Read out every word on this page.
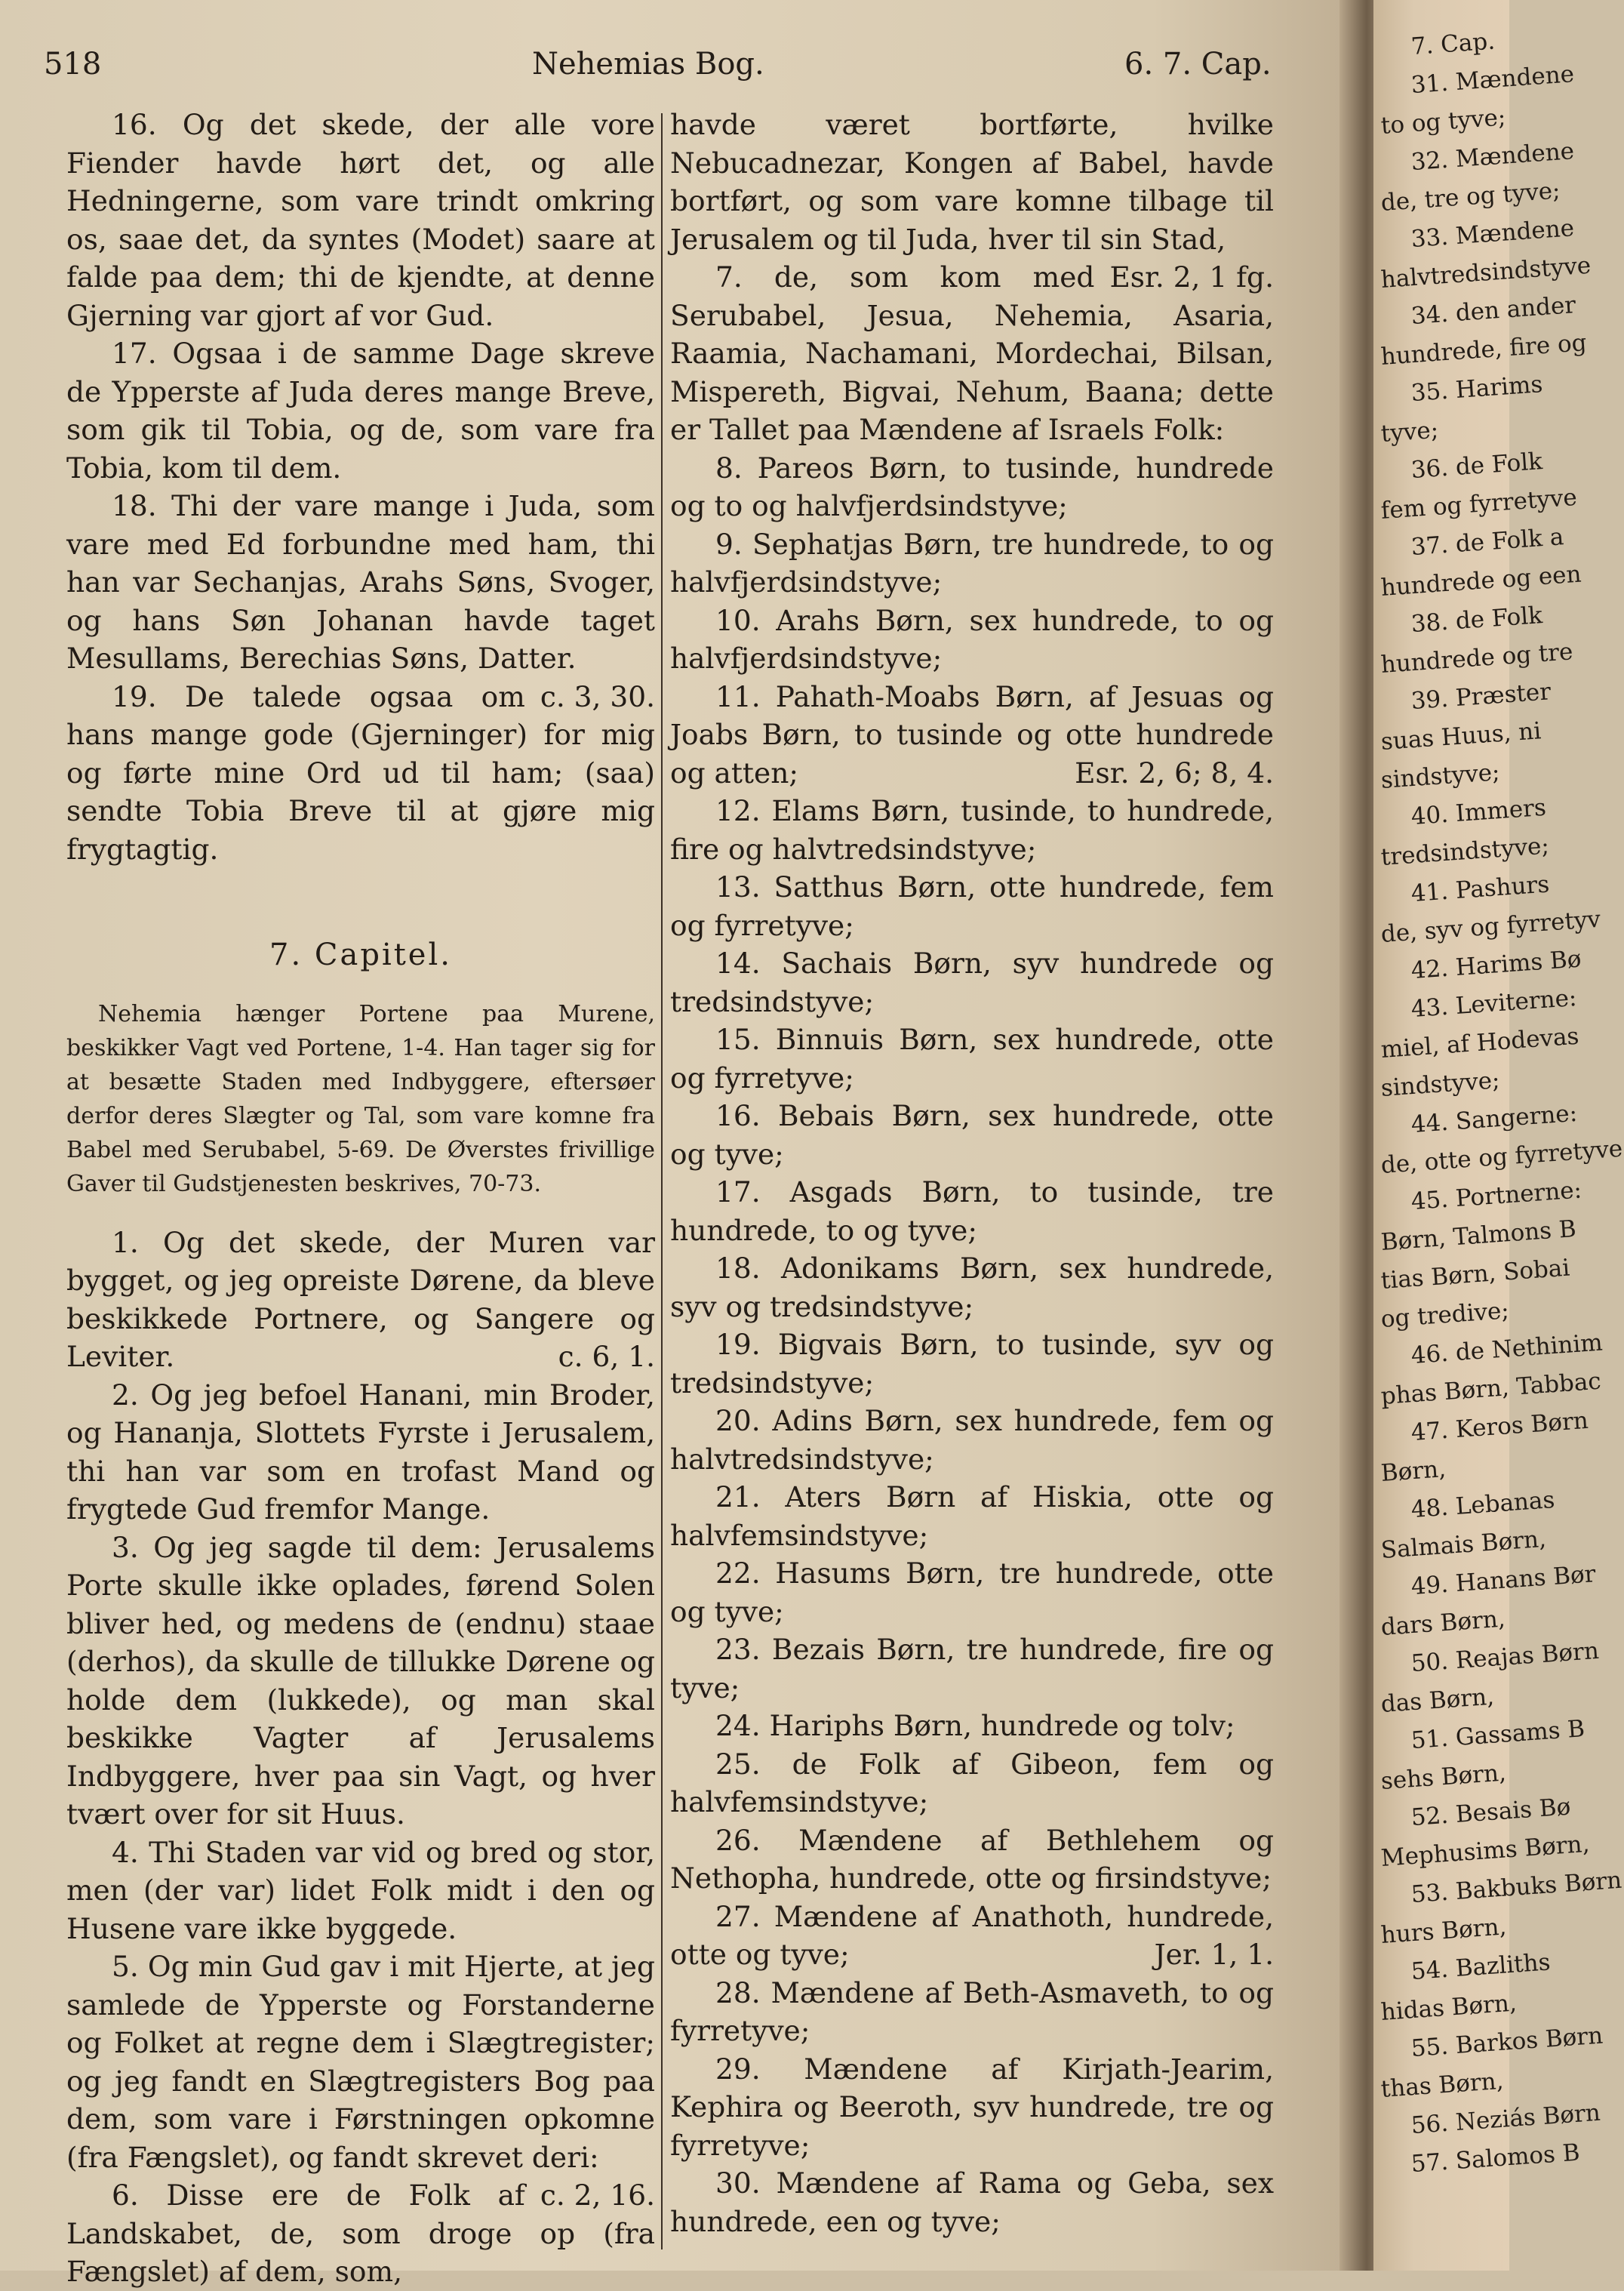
518	Nehemias Bog.	6. 7. Cap.

16. Og det skede, der alle vore Fiender havde hørt det, og alle Hedningerne, som vare trindt omkring os, saae det, da syntes (Modet) saare at falde paa dem; thi de kjendte, at denne Gjerning var gjort af vor Gud.

17. Ogsaa i de samme Dage skreve de Ypperste af Juda deres mange Breve, som gik til Tobia, og de, som vare fra Tobia, kom til dem.

18. Thi der vare mange i Juda, som vare med Ed forbundne med ham, thi han var Sechanjas, Arahs Søns, Svoger, og hans Søn Johanan havde taget Mesullams, Berechias Søns, Datter.
c. 3, 30.

19. De talede ogsaa om hans mange gode (Gjerninger) for mig og førte mine Ord ud til ham; (saa) sendte Tobia Breve til at gjøre mig frygtagtig.

7. Capitel.

Nehemia hænger Portene paa Murene, beskikker Vagt ved Portene, 1-4. Han tager sig for at besætte Staden med Indbyggere, eftersøer derfor deres Slægter og Tal, som vare komne fra Babel med Serubabel, 5-69. De Øverstes frivillige Gaver til Gudstjenesten beskrives, 70-73.

1. Og det skede, der Muren var bygget, og jeg opreiste Dørene, da bleve beskikkede Portnere, og Sangere og Leviter.	c. 6, 1.

2. Og jeg befoel Hanani, min Broder, og Hananja, Slottets Fyrste i Jerusalem, thi han var som en trofast Mand og frygtede Gud fremfor Mange.

3. Og jeg sagde til dem: Jerusalems Porte skulle ikke oplades, førend Solen bliver hed, og medens de (endnu) staae (derhos), da skulle de tillukke Dørene og holde dem (lukkede), og man skal beskikke Vagter af Jerusalems Indbyggere, hver paa sin Vagt, og hver tvært over for sit Huus.

4. Thi Staden var vid og bred og stor, men (der var) lidet Folk midt i den og Husene vare ikke byggede.

5. Og min Gud gav i mit Hjerte, at jeg samlede de Ypperste og Forstanderne og Folket at regne dem i Slægtregister; og jeg fandt en Slægtregisters Bog paa dem, som vare i Førstningen opkomne (fra Fængslet), og fandt skrevet deri:
c. 2, 16.

6. Disse ere de Folk af Landskabet, de, som droge op (fra Fængslet) af dem, som,

havde været bortførte, hvilke Nebucadnezar, Kongen af Babel, havde bortført, og som vare komne tilbage til Jerusalem og til Juda, hver til sin Stad,
Esr. 2, 1 fg.

7. de, som kom med Serubabel, Jesua, Nehemia, Asaria, Raamia, Nachamani, Mordechai, Bilsan, Mispereth, Bigvai, Nehum, Baana; dette er Tallet paa Mændene af Israels Folk:

8. Pareos Børn, to tusinde, hundrede og to og halvfjerdsindstyve;

9. Sephatjas Børn, tre hundrede, to og halvfjerdsindstyve;

10. Arahs Børn, sex hundrede, to og halvfjerdsindstyve;

11. Pahath-Moabs Børn, af Jesuas og Joabs Børn, to tusinde og otte hundrede og atten;	Esr. 2, 6; 8, 4.

12. Elams Børn, tusinde, to hundrede, fire og halvtredsindstyve;

13. Satthus Børn, otte hundrede, fem og fyrretyve;

14. Sachais Børn, syv hundrede og tredsindstyve;

15. Binnuis Børn, sex hundrede, otte og fyrretyve;

16. Bebais Børn, sex hundrede, otte og tyve;

17. Asgads Børn, to tusinde, tre hundrede, to og tyve;

18. Adonikams Børn, sex hundrede, syv og tredsindstyve;

19. Bigvais Børn, to tusinde, syv og tredsindstyve;

20. Adins Børn, sex hundrede, fem og halvtredsindstyve;

21. Aters Børn af Hiskia, otte og halvfemsindstyve;

22. Hasums Børn, tre hundrede, otte og tyve;

23. Bezais Børn, tre hundrede, fire og tyve;

24. Hariphs Børn, hundrede og tolv;

25. de Folk af Gibeon, fem og halvfemsindstyve;

26. Mændene af Bethlehem og Nethopha, hundrede, otte og firsindstyve;

27. Mændene af Anathoth, hundrede, otte og tyve;	Jer. 1, 1.

28. Mændene af Beth-Asmaveth, to og fyrretyve;

29. Mændene af Kirjath-Jearim, Kephira og Beeroth, syv hundrede, tre og fyrretyve;

30. Mændene af Rama og Geba, sex hundrede, een og tyve;

7. Cap.
31. Mændene
to og tyve;
32. Mændene
de, tre og tyve;
33. Mændene
halvtredsindstyve
34. den ander
hundrede, fire og
35. Harims
tyve;
36. de Folk
fem og fyrretyve
37. de Folk a
hundrede og een
38. de Folk
hundrede og tre
39. Præster
suas Huus, ni
sindstyve;
40. Immers
tredsindstyve;
41. Pashurs
de, syv og fyrretyv
42. Harims Bø
43. Leviterne:
miel, af Hodevas
sindstyve;
44. Sangerne:
de, otte og fyrretyve
45. Portnerne:
Børn, Talmons B
tias Børn, Sobai
og tredive;
46. de Nethinim
phas Børn, Tabbac
47. Keros Børn
Børn,
48. Lebanas
Salmais Børn,
49. Hanans Bør
dars Børn,
50. Reajas Børn
das Børn,
51. Gassams B
sehs Børn,
52. Besais Bø
Mephusims Børn,
53. Bakbuks Børn
hurs Børn,
54. Bazliths
hidas Børn,
55. Barkos Børn
thas Børn,
56. Neziás Børn
57. Salomos B
